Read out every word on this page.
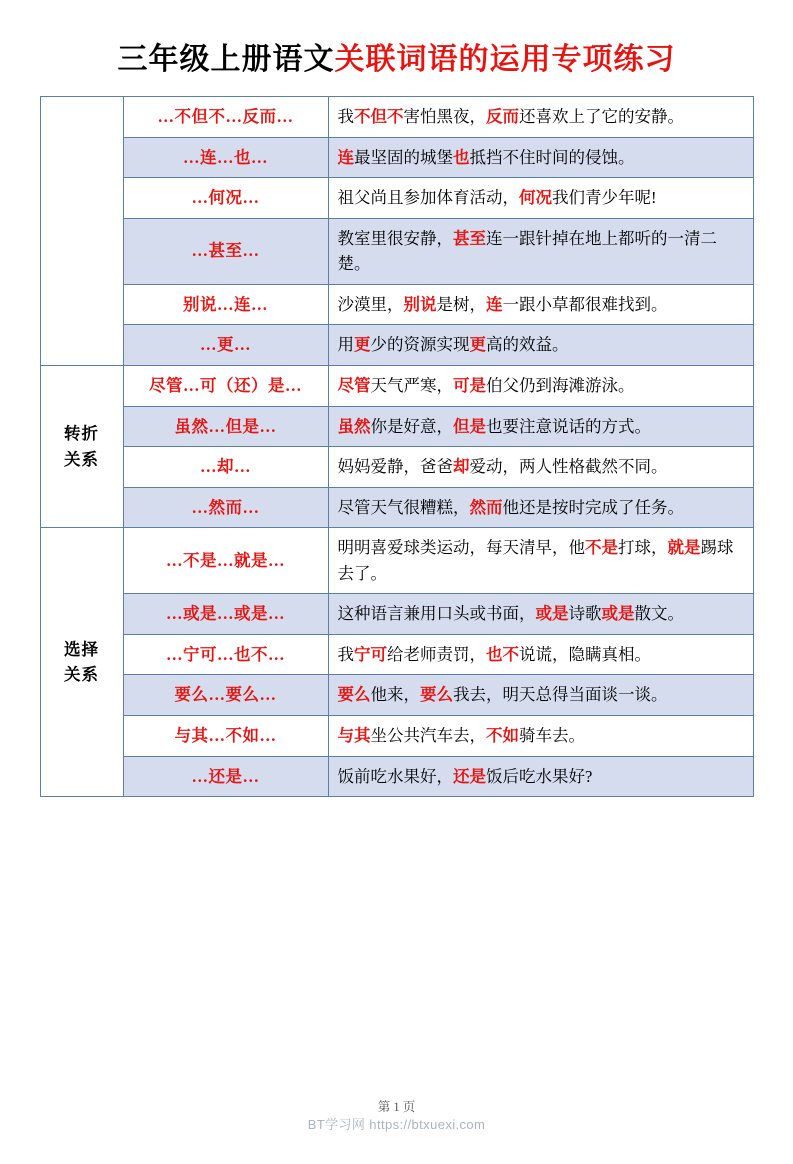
三年级上册语文关联词语的运用专项练习
	…不但不…反而…	我不但不害怕黑夜，反而还喜欢上了它的安静。
	…连…也…	连最坚固的城堡也抵挡不住时间的侵蚀。
	…何况…	祖父尚且参加体育活动，何况我们青少年呢!
	…甚至…	教室里很安静，甚至连一跟针掉在地上都听的一清二楚。
	别说…连…	沙漠里，别说是树，连一跟小草都很难找到。
	…更…	用更少的资源实现更高的效益。

转折
关系	尽管…可（还）是…	尽管天气严寒，可是伯父仍到海滩游泳。
	虽然…但是…	虽然你是好意，但是也要注意说话的方式。
	…却…	妈妈爱静，爸爸却爱动，两人性格截然不同。
	…然而…	尽管天气很糟糕，然而他还是按时完成了任务。

选择
关系	…不是…就是…	明明喜爱球类运动，每天清早，他不是打球，就是踢球去了。
	…或是…或是…	这种语言兼用口头或书面，或是诗歌或是散文。
	…宁可…也不…	我宁可给老师责罚，也不说谎，隐瞒真相。
	要么…要么…	要么他来，要么我去，明天总得当面谈一谈。
	与其…不如…	与其坐公共汽车去，不如骑车去。
	…还是…	饭前吃水果好，还是饭后吃水果好?
第 1 页
BT学习网 https://btxuexi.com
